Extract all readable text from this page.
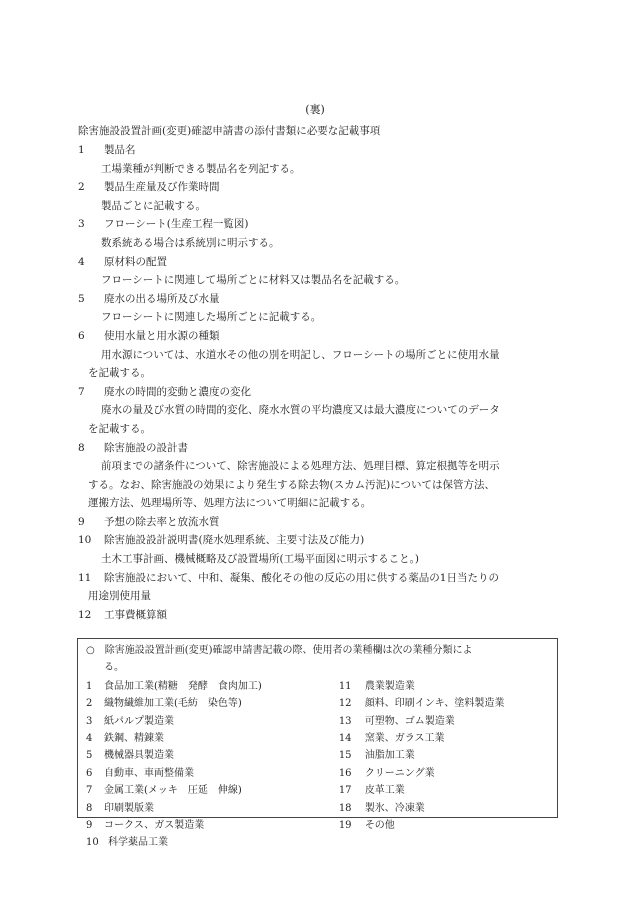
(裏)
除害施設設置計画(変更)確認申請書の添付書類に必要な記載事項
1	製品名
工場業種が判断できる製品名を列記する。
2	製品生産量及び作業時間
製品ごとに記載する。
3	フローシート(生産工程一覧図)
数系統ある場合は系統別に明示する。
4	原材料の配置
フローシートに関連して場所ごとに材料又は製品名を記載する。
5	廃水の出る場所及び水量
フローシートに関連した場所ごとに記載する。
6	使用水量と用水源の種類
用水源については、水道水その他の別を明記し、フローシートの場所ごとに使用水量
を記載する。
7	廃水の時間的変動と濃度の変化
廃水の量及び水質の時間的変化、廃水水質の平均濃度又は最大濃度についてのデータ
を記載する。
8	除害施設の設計書
前項までの諸条件について、除害施設による処理方法、処理目標、算定根拠等を明示
する。なお、除害施設の効果により発生する除去物(スカム汚泥)については保管方法、
運搬方法、処理場所等、処理方法について明細に記載する。
9	予想の除去率と放流水質
10	除害施設設計説明書(廃水処理系統、主要寸法及び能力)
土木工事計画、機械概略及び設置場所(工場平面図に明示すること。)
11	除害施設において、中和、凝集、酸化その他の反応の用に供する薬品の1日当たりの
用途別使用量
12	工事費概算額
○　除害施設設置計画(変更)確認申請書記載の際、使用者の業種欄は次の業種分類によ
る。
1	食品加工業(精糖　発酵　食肉加工)
2	織物繊維加工業(毛紡　染色等)
3	紙パルプ製造業
4	鉄鋼、精錬業
5	機械器具製造業
6	自動車、車両整備業
7	金属工業(メッキ　圧延　伸線)
8	印刷製版業
9	コークス、ガス製造業
10 科学薬品工業
11	農業製造業
12	顔料、印刷インキ、塗料製造業
13	可塑物、ゴム製造業
14	窯業、ガラス工業
15	油脂加工業
16	クリーニング業
17	皮革工業
18	製氷、冷凍業
19	その他
